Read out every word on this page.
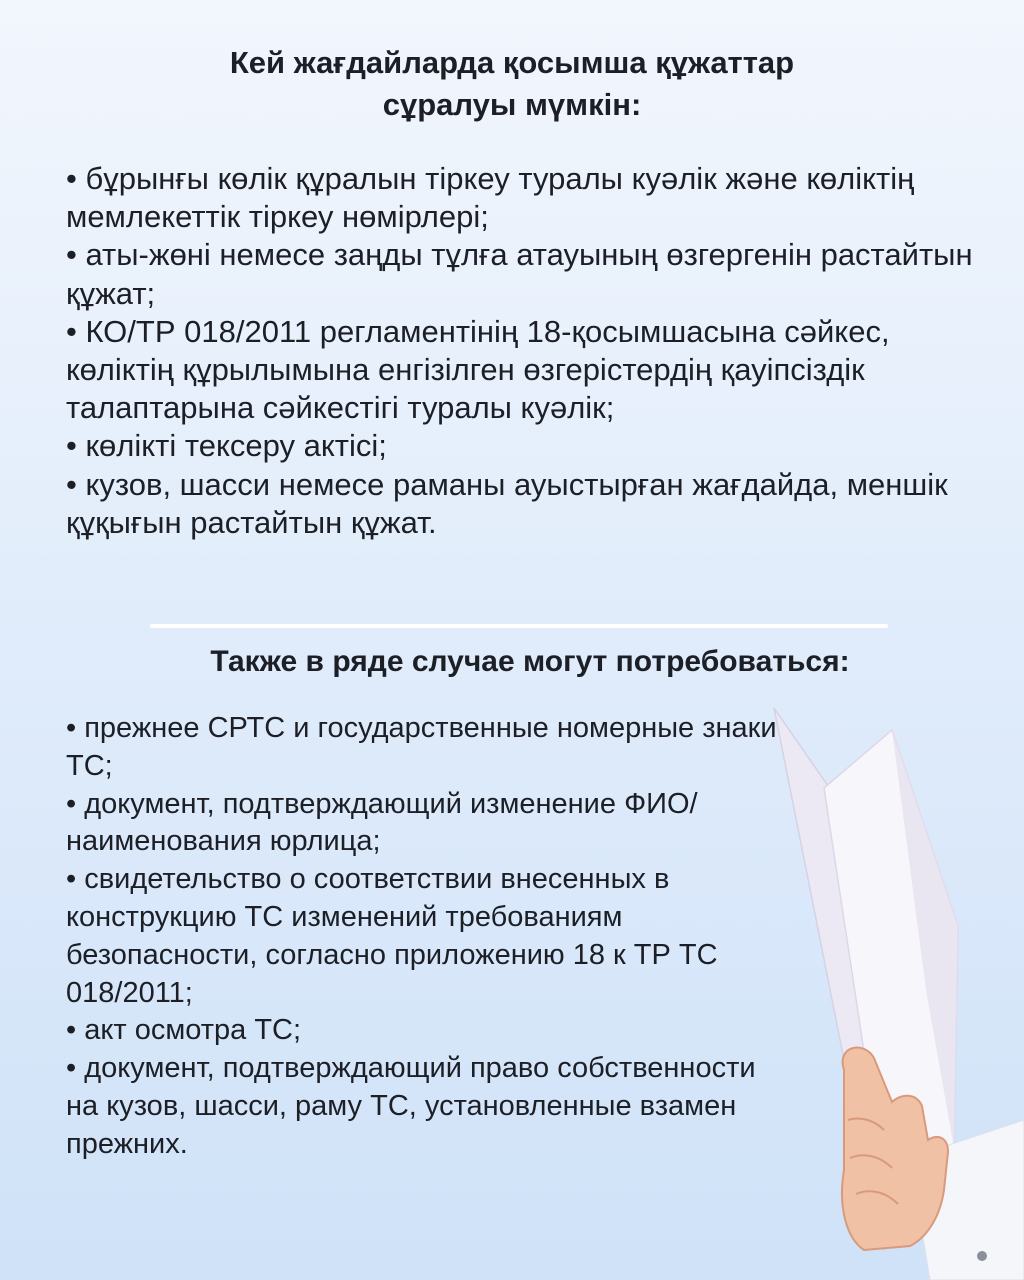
Кей жағдайларда қосымша құжаттар
сұралуы мүмкін:
• бұрынғы көлік құралын тіркеу туралы куәлік және көліктің мемлекеттік тіркеу нөмірлері;
• аты-жөні немесе заңды тұлға атауының өзгергенін растайтын құжат;
• КО/ТР 018/2011 регламентінің 18-қосымшасына сәйкес, көліктің құрылымына енгізілген өзгерістердің қауіпсіздік талаптарына сәйкестігі туралы куәлік;
• көлікті тексеру актісі;
• кузов, шасси немесе раманы ауыстырған жағдайда, меншік құқығын растайтын құжат.
Также в ряде случае могут потребоваться:
• прежнее СРТС и государственные номерные знаки ТС;
• документ, подтверждающий изменение ФИО/ наименования юрлица;
• свидетельство о соответствии внесенных в конструкцию ТС изменений требованиям безопасности, согласно приложению 18 к ТР ТС 018/2011;
• акт осмотра ТС;
• документ, подтверждающий право собственности на кузов, шасси, раму ТС, установленные взамен прежних.
